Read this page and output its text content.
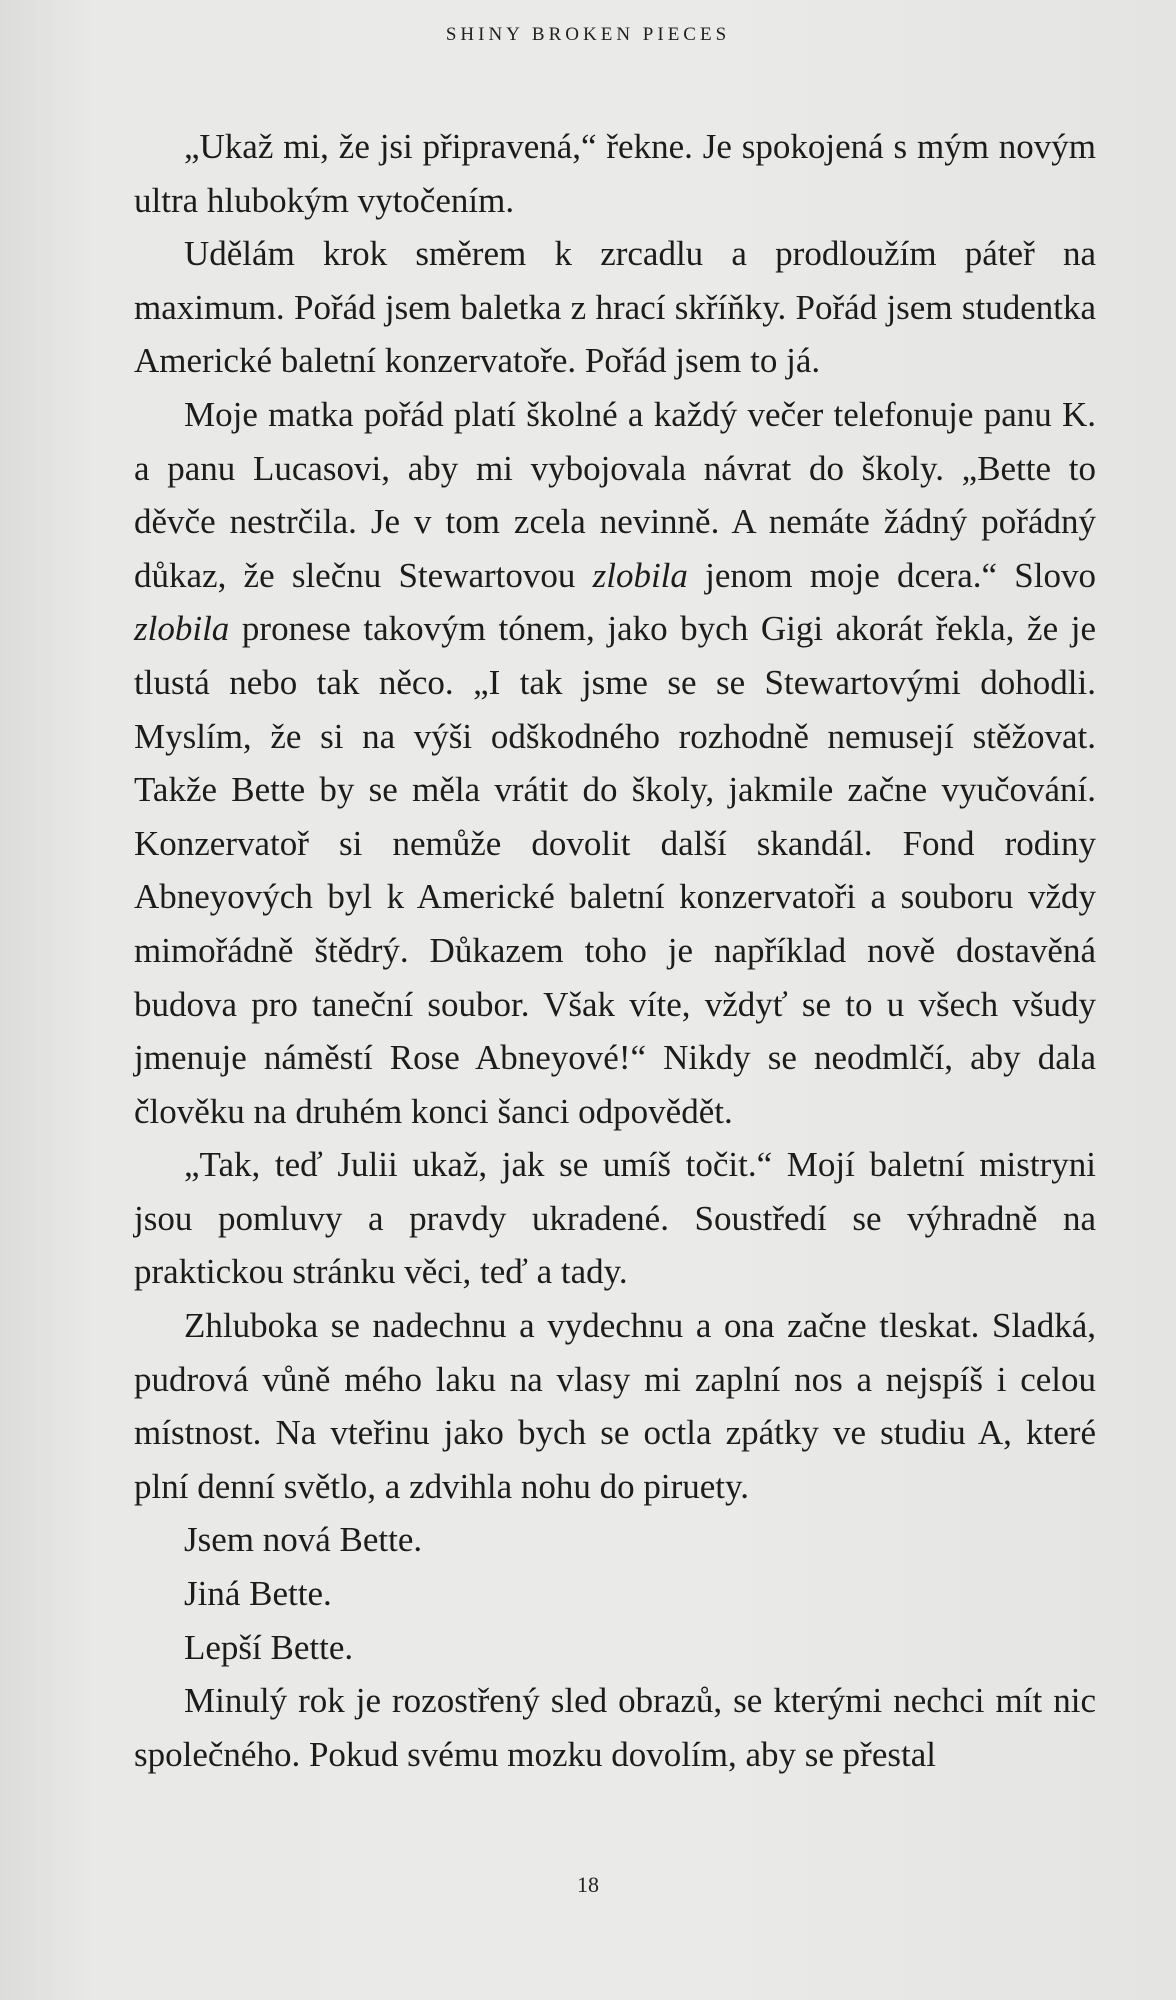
SHINY BROKEN PIECES

„Ukaž mi, že jsi připravená,“ řekne. Je spokojená s mým novým ultra hlubokým vytočením.

Udělám krok směrem k zrcadlu a prodloužím páteř na maximum. Pořád jsem baletka z hrací skříňky. Pořád jsem studentka Americké baletní konzervatoře. Pořád jsem to já.

Moje matka pořád platí školné a každý večer telefonuje panu K. a panu Lucasovi, aby mi vybojovala návrat do školy. „Bette to děvče nestrčila. Je v tom zcela nevinně. A nemáte žádný pořádný důkaz, že slečnu Stewartovou zlobila jenom moje dcera.“ Slovo zlobila pronese takovým tónem, jako bych Gigi akorát řekla, že je tlustá nebo tak něco. „I tak jsme se se Stewartovými dohodli. Myslím, že si na výši odškodného rozhodně nemusejí stěžovat. Takže Bette by se měla vrátit do školy, jakmile začne vyučování. Konzervatoř si nemůže dovolit další skandál. Fond rodiny Abneyových byl k Americké baletní konzervatoři a souboru vždy mimořádně štědrý. Důkazem toho je například nově dostavěná budova pro taneční soubor. Však víte, vždyť se to u všech všudy jmenuje náměstí Rose Abneyové!“ Nikdy se neodmlčí, aby dala člověku na druhém konci šanci odpovědět.

„Tak, teď Julii ukaž, jak se umíš točit.“ Mojí baletní mistryni jsou pomluvy a pravdy ukradené. Soustředí se výhradně na praktickou stránku věci, teď a tady.

Zhluboka se nadechnu a vydechnu a ona začne tleskat. Sladká, pudrová vůně mého laku na vlasy mi zaplní nos a nejspíš i celou místnost. Na vteřinu jako bych se octla zpátky ve studiu A, které plní denní světlo, a zdvihla nohu do piruety.

Jsem nová Bette.

Jiná Bette.

Lepší Bette.

Minulý rok je rozostřený sled obrazů, se kterými nechci mít nic společného. Pokud svému mozku dovolím, aby se přestal

18
